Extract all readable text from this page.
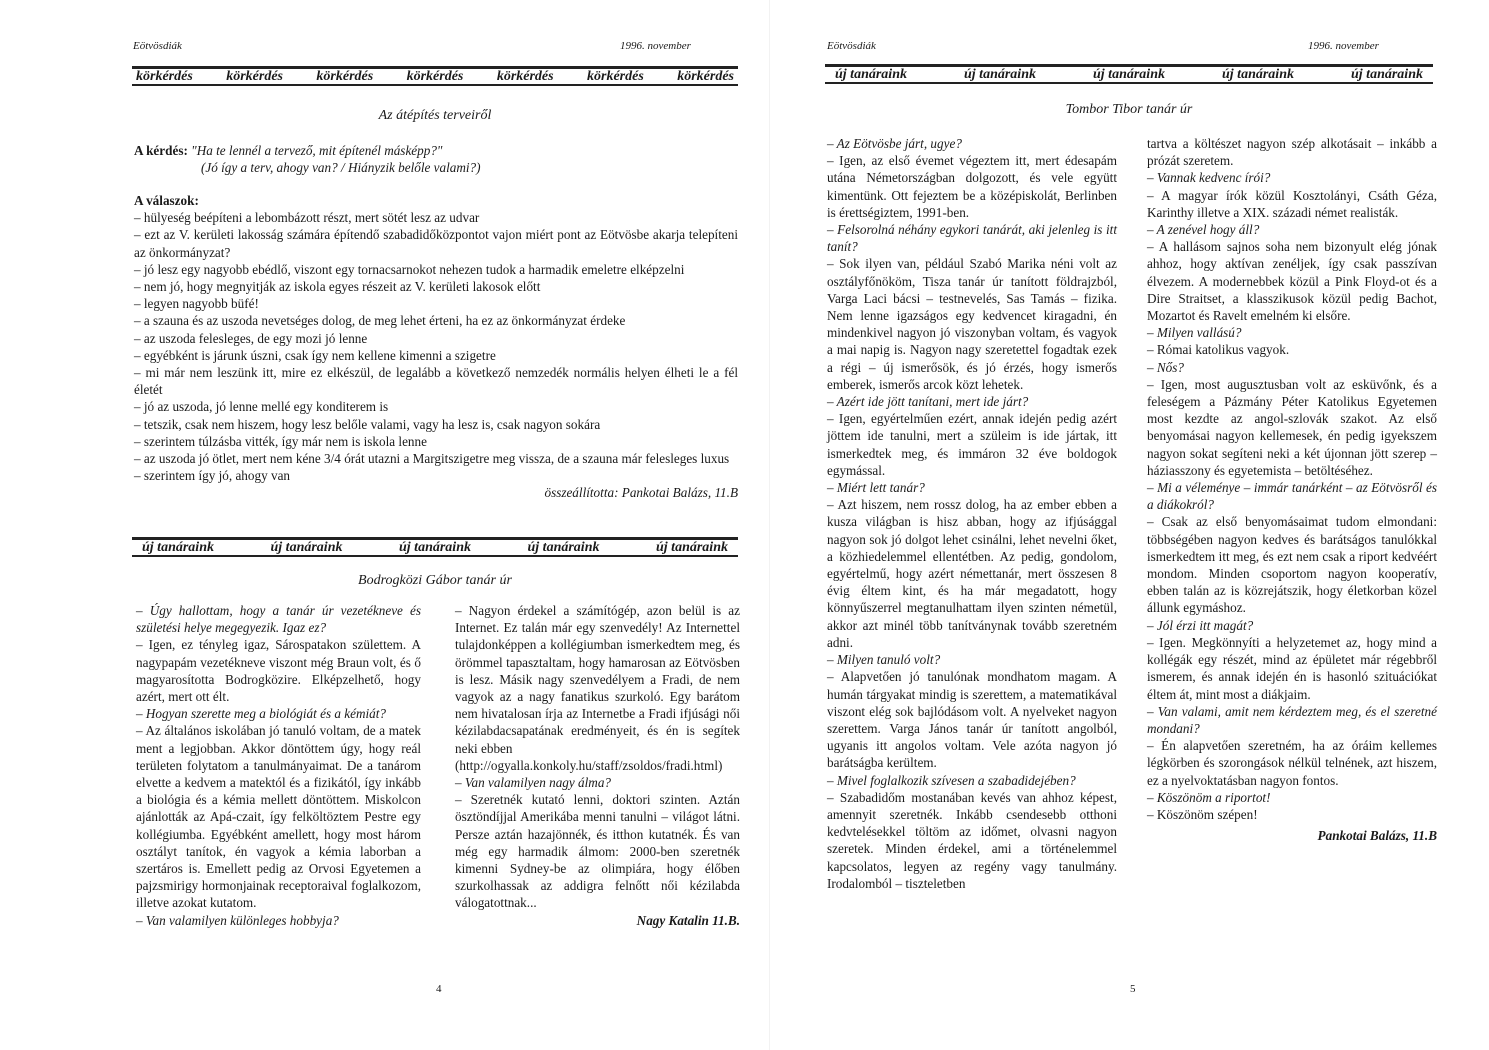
Eötvösdiák	1996. november
körkérdés körkérdés körkérdés körkérdés körkérdés körkérdés körkérdés
Az átépítés terveiről
A kérdés: "Ha te lennél a tervező, mit építenél másképp?"
(Jó így a terv, ahogy van? / Hiányzik belőle valami?)
A válaszok:
– hülyeség beépíteni a lebombázott részt, mert sötét lesz az udvar
– ezt az V. kerületi lakosság számára építendő szabadidőközpontot vajon miért pont az Eötvösbe akarja telepíteni az önkormányzat?
– jó lesz egy nagyobb ebédlő, viszont egy tornacsarnokot nehezen tudok a harmadik emeletre elképzelni
– nem jó, hogy megnyitják az iskola egyes részeit az V. kerületi lakosok előtt
– legyen nagyobb büfé!
– a szauna és az uszoda nevetséges dolog, de meg lehet érteni, ha ez az önkormányzat érdeke
– az uszoda felesleges, de egy mozi jó lenne
– egyébként is járunk úszni, csak így nem kellene kimenni a szigetre
– mi már nem leszünk itt, mire ez elkészül, de legalább a következő nemzedék normális helyen élheti le a fél életét
– jó az uszoda, jó lenne mellé egy konditerem is
– tetszik, csak nem hiszem, hogy lesz belőle valami, vagy ha lesz is, csak nagyon sokára
– szerintem túlzásba vitték, így már nem is iskola lenne
– az uszoda jó ötlet, mert nem kéne 3/4 órát utazni a Margitszigetre meg vissza, de a szauna már felesleges luxus
– szerintem így jó, ahogy van
összeállította: Pankotai Balázs, 11.B
új tanáraink	új tanáraink	új tanáraink	új tanáraink	új tanáraink
Bodrogközi Gábor tanár úr
– Úgy hallottam, hogy a tanár úr vezetékneve és születési helye megegyezik. Igaz ez?
– Igen, ez tényleg igaz, Sárospatakon születtem. A nagypapám vezetékneve viszont még Braun volt, és ő magyarosította Bodrogközire. Elképzelhető, hogy azért, mert ott élt.
– Hogyan szerette meg a biológiát és a kémiát?
– Az általános iskolában jó tanuló voltam, de a matek ment a legjobban. Akkor döntöttem úgy, hogy reál területen folytatom a tanulmányaimat. De a tanárom elvette a kedvem a matektól és a fizikától, így inkább a biológia és a kémia mellett döntöttem. Miskolcon ajánlották az Apá-czait, így felköltöztem Pestre egy kollégiumba. Egyébként amellett, hogy most három osztályt tanítok, én vagyok a kémia laborban a szertáros is. Emellett pedig az Orvosi Egyetemen a pajzsmirigy hormonjainak receptoraival foglalkozom, illetve azokat kutatom.
– Van valamilyen különleges hobbyja?
– Nagyon érdekel a számítógép, azon belül is az Internet. Ez talán már egy szenvedély! Az Internettel tulajdonképpen a kollégiumban ismerkedtem meg, és örömmel tapasztaltam, hogy hamarosan az Eötvösben is lesz. Másik nagy szenvedélyem a Fradi, de nem vagyok az a nagy fanatikus szurkoló. Egy barátom nem hivatalosan írja az Internetbe a Fradi ifjúsági női kézilabdacsapatának eredményeit, és én is segítek neki ebben
(http://ogyalla.konkoly.hu/staff/zsoldos/fradi.html)
– Van valamilyen nagy álma?
– Szeretnék kutató lenni, doktori szinten. Aztán ösztöndíjjal Amerikába menni tanulni – világot látni. Persze aztán hazajönnék, és itthon kutatnék. És van még egy harmadik álmom: 2000-ben szeretnék kimenni Sydney-be az olimpiára, hogy élőben szurkolhassak az addigra felnőtt női kézilabda válogatottnak...
Nagy Katalin 11.B.
4
Eötvösdiák	1996. november
új tanáraink	új tanáraink	új tanáraink	új tanáraink	új tanáraink
Tombor Tibor tanár úr
– Az Eötvösbe járt, ugye?
– Igen, az első évemet végeztem itt, mert édesapám utána Németországban dolgozott, és vele együtt kimentünk. Ott fejeztem be a középiskolát, Berlinben is érettségiztem, 1991-ben.
– Felsorolná néhány egykori tanárát, aki jelenleg is itt tanít?
– Sok ilyen van, például Szabó Marika néni volt az osztályfőnököm, Tisza tanár úr tanított földrajzból, Varga Laci bácsi – testnevelés, Sas Tamás – fizika. Nem lenne igazságos egy kedvencet kiragadni, én mindenkivel nagyon jó viszonyban voltam, és vagyok a mai napig is. Nagyon nagy szeretettel fogadtak ezek a régi – új ismerősök, és jó érzés, hogy ismerős emberek, ismerős arcok közt lehetek.
– Azért ide jött tanítani, mert ide járt?
– Igen, egyértelműen ezért, annak idején pedig azért jöttem ide tanulni, mert a szüleim is ide jártak, itt ismerkedtek meg, és immáron 32 éve boldogok egymással.
– Miért lett tanár?
– Azt hiszem, nem rossz dolog, ha az ember ebben a kusza világban is hisz abban, hogy az ifjúsággal nagyon sok jó dolgot lehet csinálni, lehet nevelni őket, a közhiedelemmel ellentétben. Az pedig, gondolom, egyértelmű, hogy azért némettanár, mert összesen 8 évig éltem kint, és ha már megadatott, hogy könnyűszerrel megtanulhattam ilyen szinten németül, akkor azt minél több tanítványnak tovább szeretném adni.
– Milyen tanuló volt?
– Alapvetően jó tanulónak mondhatom magam. A humán tárgyakat mindig is szerettem, a matematikával viszont elég sok bajlódásom volt. A nyelveket nagyon szerettem. Varga János tanár úr tanított angolból, ugyanis itt angolos voltam. Vele azóta nagyon jó barátságba kerültem.
– Mivel foglalkozik szívesen a szabadidejében?
– Szabadidőm mostanában kevés van ahhoz képest, amennyit szeretnék. Inkább csendesebb otthoni kedvtelésekkel töltöm az időmet, olvasni nagyon szeretek. Minden érdekel, ami a történelemmel kapcsolatos, legyen az regény vagy tanulmány. Irodalomból – tiszteletben
tartva a költészet nagyon szép alkotásait – inkább a prózát szeretem.
– Vannak kedvenc írói?
– A magyar írók közül Kosztolányi, Csáth Géza, Karinthy illetve a XIX. századi német realisták.
– A zenével hogy áll?
– A hallásom sajnos soha nem bizonyult elég jónak ahhoz, hogy aktívan zenéljek, így csak passzívan élvezem. A modernebbek közül a Pink Floyd-ot és a Dire Straitset, a klasszikusok közül pedig Bachot, Mozartot és Ravelt emelném ki elsőre.
– Milyen vallású?
– Római katolikus vagyok.
– Nős?
– Igen, most augusztusban volt az esküvőnk, és a feleségem a Pázmány Péter Katolikus Egyetemen most kezdte az angol-szlovák szakot. Az első benyomásai nagyon kellemesek, én pedig igyekszem nagyon sokat segíteni neki a két újonnan jött szerep – háziasszony és egyetemista – betöltéséhez.
– Mi a véleménye – immár tanárként – az Eötvösről és a diákokról?
– Csak az első benyomásaimat tudom elmondani: többségében nagyon kedves és barátságos tanulókkal ismerkedtem itt meg, és ezt nem csak a riport kedvéért mondom. Minden csoportom nagyon kooperatív, ebben talán az is közrejátszik, hogy életkorban közel állunk egymáshoz.
– Jól érzi itt magát?
– Igen. Megkönnyíti a helyzetemet az, hogy mind a kollégák egy részét, mind az épületet már régebbről ismerem, és annak idején én is hasonló szituációkat éltem át, mint most a diákjaim.
– Van valami, amit nem kérdeztem meg, és el szeretné mondani?
– Én alapvetően szeretném, ha az óráim kellemes légkörben és szorongások nélkül telnének, azt hiszem, ez a nyelvoktatásban nagyon fontos.
– Köszönöm a riportot!
– Köszönöm szépen!
Pankotai Balázs, 11.B
5
